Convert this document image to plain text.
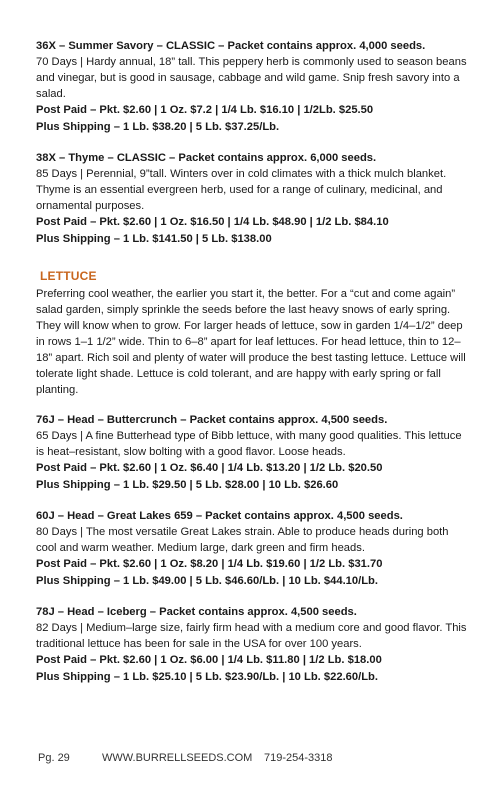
36X – Summer Savory – CLASSIC – Packet contains approx. 4,000 seeds.

70 Days | Hardy annual, 18” tall. This peppery herb is commonly used to season beans and vinegar, but is good in sausage, cabbage and wild game. Snip fresh savory into a salad.

Post Paid – Pkt. $2.60 | 1 Oz. $7.2 | 1/4 Lb. $16.10 | 1/2Lb. $25.50

Plus Shipping – 1 Lb. $38.20 | 5 Lb. $37.25/Lb.

38X – Thyme – CLASSIC – Packet contains approx. 6,000 seeds.

85 Days | Perennial, 9”tall. Winters over in cold climates with a thick mulch blanket. Thyme is an essential evergreen herb, used for a range of culinary, medicinal, and ornamental purposes.

Post Paid – Pkt. $2.60 | 1 Oz. $16.50 | 1/4 Lb. $48.90 | 1/2 Lb. $84.10

Plus Shipping – 1 Lb. $141.50 | 5 Lb. $138.00

LETTUCE

Preferring cool weather, the earlier you start it, the better. For a “cut and come again” salad garden, simply sprinkle the seeds before the last heavy snows of early spring. They will know when to grow. For larger heads of lettuce, sow in garden 1/4–1/2” deep in rows 1–1 1/2” wide. Thin to 6–8” apart for leaf lettuces. For head lettuce, thin to 12–18” apart. Rich soil and plenty of water will produce the best tasting lettuce. Lettuce will tolerate light shade. Lettuce is cold tolerant, and are happy with early spring or fall planting.

76J – Head – Buttercrunch – Packet contains approx. 4,500 seeds.

65 Days | A fine Butterhead type of Bibb lettuce, with many good qualities. This lettuce is heat–resistant, slow bolting with a good flavor. Loose heads.

Post Paid – Pkt. $2.60 | 1 Oz. $6.40 | 1/4 Lb. $13.20 | 1/2 Lb. $20.50

Plus Shipping – 1 Lb. $29.50 | 5 Lb. $28.00 | 10 Lb. $26.60

60J – Head – Great Lakes 659 – Packet contains approx. 4,500 seeds.

80 Days | The most versatile Great Lakes strain. Able to produce heads during both cool and warm weather. Medium large, dark green and firm heads.

Post Paid – Pkt. $2.60 | 1 Oz. $8.20 | 1/4 Lb. $19.60 | 1/2 Lb. $31.70

Plus Shipping – 1 Lb. $49.00 | 5 Lb. $46.60/Lb. | 10 Lb. $44.10/Lb.

78J – Head – Iceberg – Packet contains approx. 4,500 seeds.

82 Days | Medium–large size, fairly firm head with a medium core and good flavor. This traditional lettuce has been for sale in the USA for over 100 years.

Post Paid – Pkt. $2.60 | 1 Oz. $6.00 | 1/4 Lb. $11.80 | 1/2 Lb. $18.00

Plus Shipping – 1 Lb. $25.10 | 5 Lb. $23.90/Lb. | 10 Lb. $22.60/Lb.

Pg. 29	WWW.BURRELLSEEDS.COM 719-254-3318
